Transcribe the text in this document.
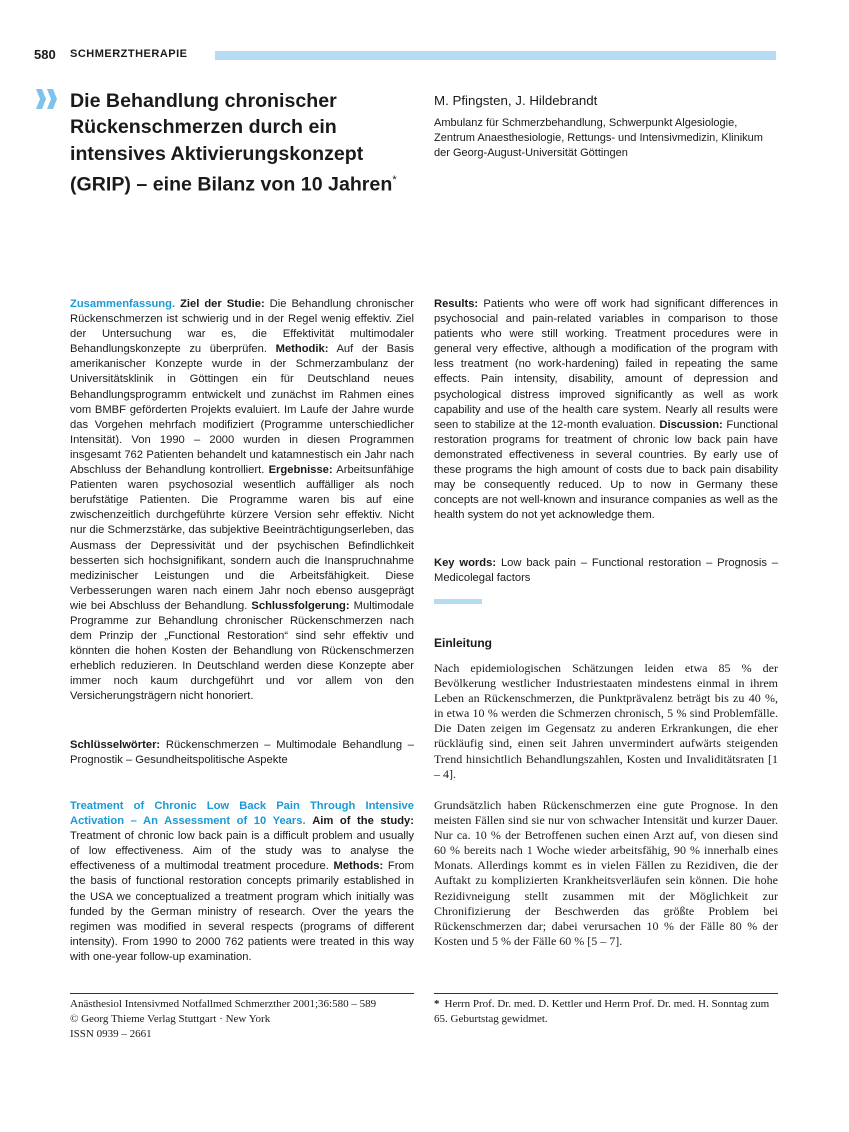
580 SCHMERZTHERAPIE
Die Behandlung chronischer Rückenschmerzen durch ein intensives Aktivierungskonzept (GRIP) – eine Bilanz von 10 Jahren*
M. Pfingsten, J. Hildebrandt
Ambulanz für Schmerzbehandlung, Schwerpunkt Algesiologie, Zentrum Anaesthesiologie, Rettungs- und Intensivmedizin, Klinikum der Georg-August-Universität Göttingen

Zusammenfassung. Ziel der Studie: Die Behandlung chronischer Rückenschmerzen ist schwierig und in der Regel wenig effektiv. Ziel der Untersuchung war es, die Effektivität multimodaler Behandlungskonzepte zu überprüfen. Methodik: Auf der Basis amerikanischer Konzepte wurde in der Schmerzambulanz der Universitätsklinik in Göttingen ein für Deutschland neues Behandlungsprogramm entwickelt und zunächst im Rahmen eines vom BMBF geförderten Projekts evaluiert. Im Laufe der Jahre wurde das Vorgehen mehrfach modifiziert (Programme unterschiedlicher Intensität). Von 1990 – 2000 wurden in diesen Programmen insgesamt 762 Patienten behandelt und katamnestisch ein Jahr nach Abschluss der Behandlung kontrolliert. Ergebnisse: Arbeitsunfähige Patienten waren psychosozial wesentlich auffälliger als noch berufstätige Patienten. Die Programme waren bis auf eine zwischenzeitlich durchgeführte kürzere Version sehr effektiv. Nicht nur die Schmerzstärke, das subjektive Beeinträchtigungserleben, das Ausmass der Depressivität und der psychischen Befindlichkeit besserten sich hochsignifikant, sondern auch die Inanspruchnahme medizinischer Leistungen und die Arbeitsfähigkeit. Diese Verbesserungen waren nach einem Jahr noch ebenso ausgeprägt wie bei Abschluss der Behandlung. Schlussfolgerung: Multimodale Programme zur Behandlung chronischer Rückenschmerzen nach dem Prinzip der „Functional Restoration“ sind sehr effektiv und könnten die hohen Kosten der Behandlung von Rückenschmerzen erheblich reduzieren. In Deutschland werden diese Konzepte aber immer noch kaum durchgeführt und vor allem von den Versicherungsträgern nicht honoriert.

Schlüsselwörter: Rückenschmerzen – Multimodale Behandlung – Prognostik – Gesundheitspolitische Aspekte

Treatment of Chronic Low Back Pain Through Intensive Activation – An Assessment of 10 Years. Aim of the study: Treatment of chronic low back pain is a difficult problem and usually of low effectiveness. Aim of the study was to analyse the effectiveness of a multimodal treatment procedure. Methods: From the basis of functional restoration concepts primarily established in the USA we conceptualized a treatment program which initially was funded by the German ministry of research. Over the years the regimen was modified in several respects (programs of different intensity). From 1990 to 2000 762 patients were treated in this way with one-year follow-up examination.

Results: Patients who were off work had significant differences in psychosocial and pain-related variables in comparison to those patients who were still working. Treatment procedures were in general very effective, although a modification of the program with less treatment (no work-hardening) failed in repeating the same effects. Pain intensity, disability, amount of depression and psychological distress improved significantly as well as work capability and use of the health care system. Nearly all results were seen to stabilize at the 12-month evaluation. Discussion: Functional restoration programs for treatment of chronic low back pain have demonstrated effectiveness in several countries. By early use of these programs the high amount of costs due to back pain disability may be consequently reduced. Up to now in Germany these concepts are not well-known and insurance companies as well as the health system do not yet acknowledge them.

Key words: Low back pain – Functional restoration – Prognosis – Medicolegal factors

Einleitung
Nach epidemiologischen Schätzungen leiden etwa 85 % der Bevölkerung westlicher Industriestaaten mindestens einmal in ihrem Leben an Rückenschmerzen, die Punktprävalenz beträgt bis zu 40 %, in etwa 10 % werden die Schmerzen chronisch, 5 % sind Problemfälle. Die Daten zeigen im Gegensatz zu anderen Erkrankungen, die eher rückläufig sind, einen seit Jahren unvermindert aufwärts steigenden Trend hinsichtlich Behandlungszahlen, Kosten und Invaliditätsraten [1 – 4].
Grundsätzlich haben Rückenschmerzen eine gute Prognose. In den meisten Fällen sind sie nur von schwacher Intensität und kurzer Dauer. Nur ca. 10 % der Betroffenen suchen einen Arzt auf, von diesen sind 60 % bereits nach 1 Woche wieder arbeitsfähig, 90 % innerhalb eines Monats. Allerdings kommt es in vielen Fällen zu Rezidiven, die der Auftakt zu komplizierten Krankheitsverläufen sein können. Die hohe Rezidivneigung stellt zusammen mit der Möglichkeit zur Chronifizierung der Beschwerden das größte Problem bei Rückenschmerzen dar; dabei verursachen 10 % der Fälle 80 % der Kosten und 5 % der Fälle 60 % [5 – 7].
Anästhesiol Intensivmed Notfallmed Schmerzther 2001;36:580 – 589
© Georg Thieme Verlag Stuttgart · New York
ISSN 0939 – 2661
* Herrn Prof. Dr. med. D. Kettler und Herrn Prof. Dr. med. H. Sonntag zum 65. Geburtstag gewidmet.
